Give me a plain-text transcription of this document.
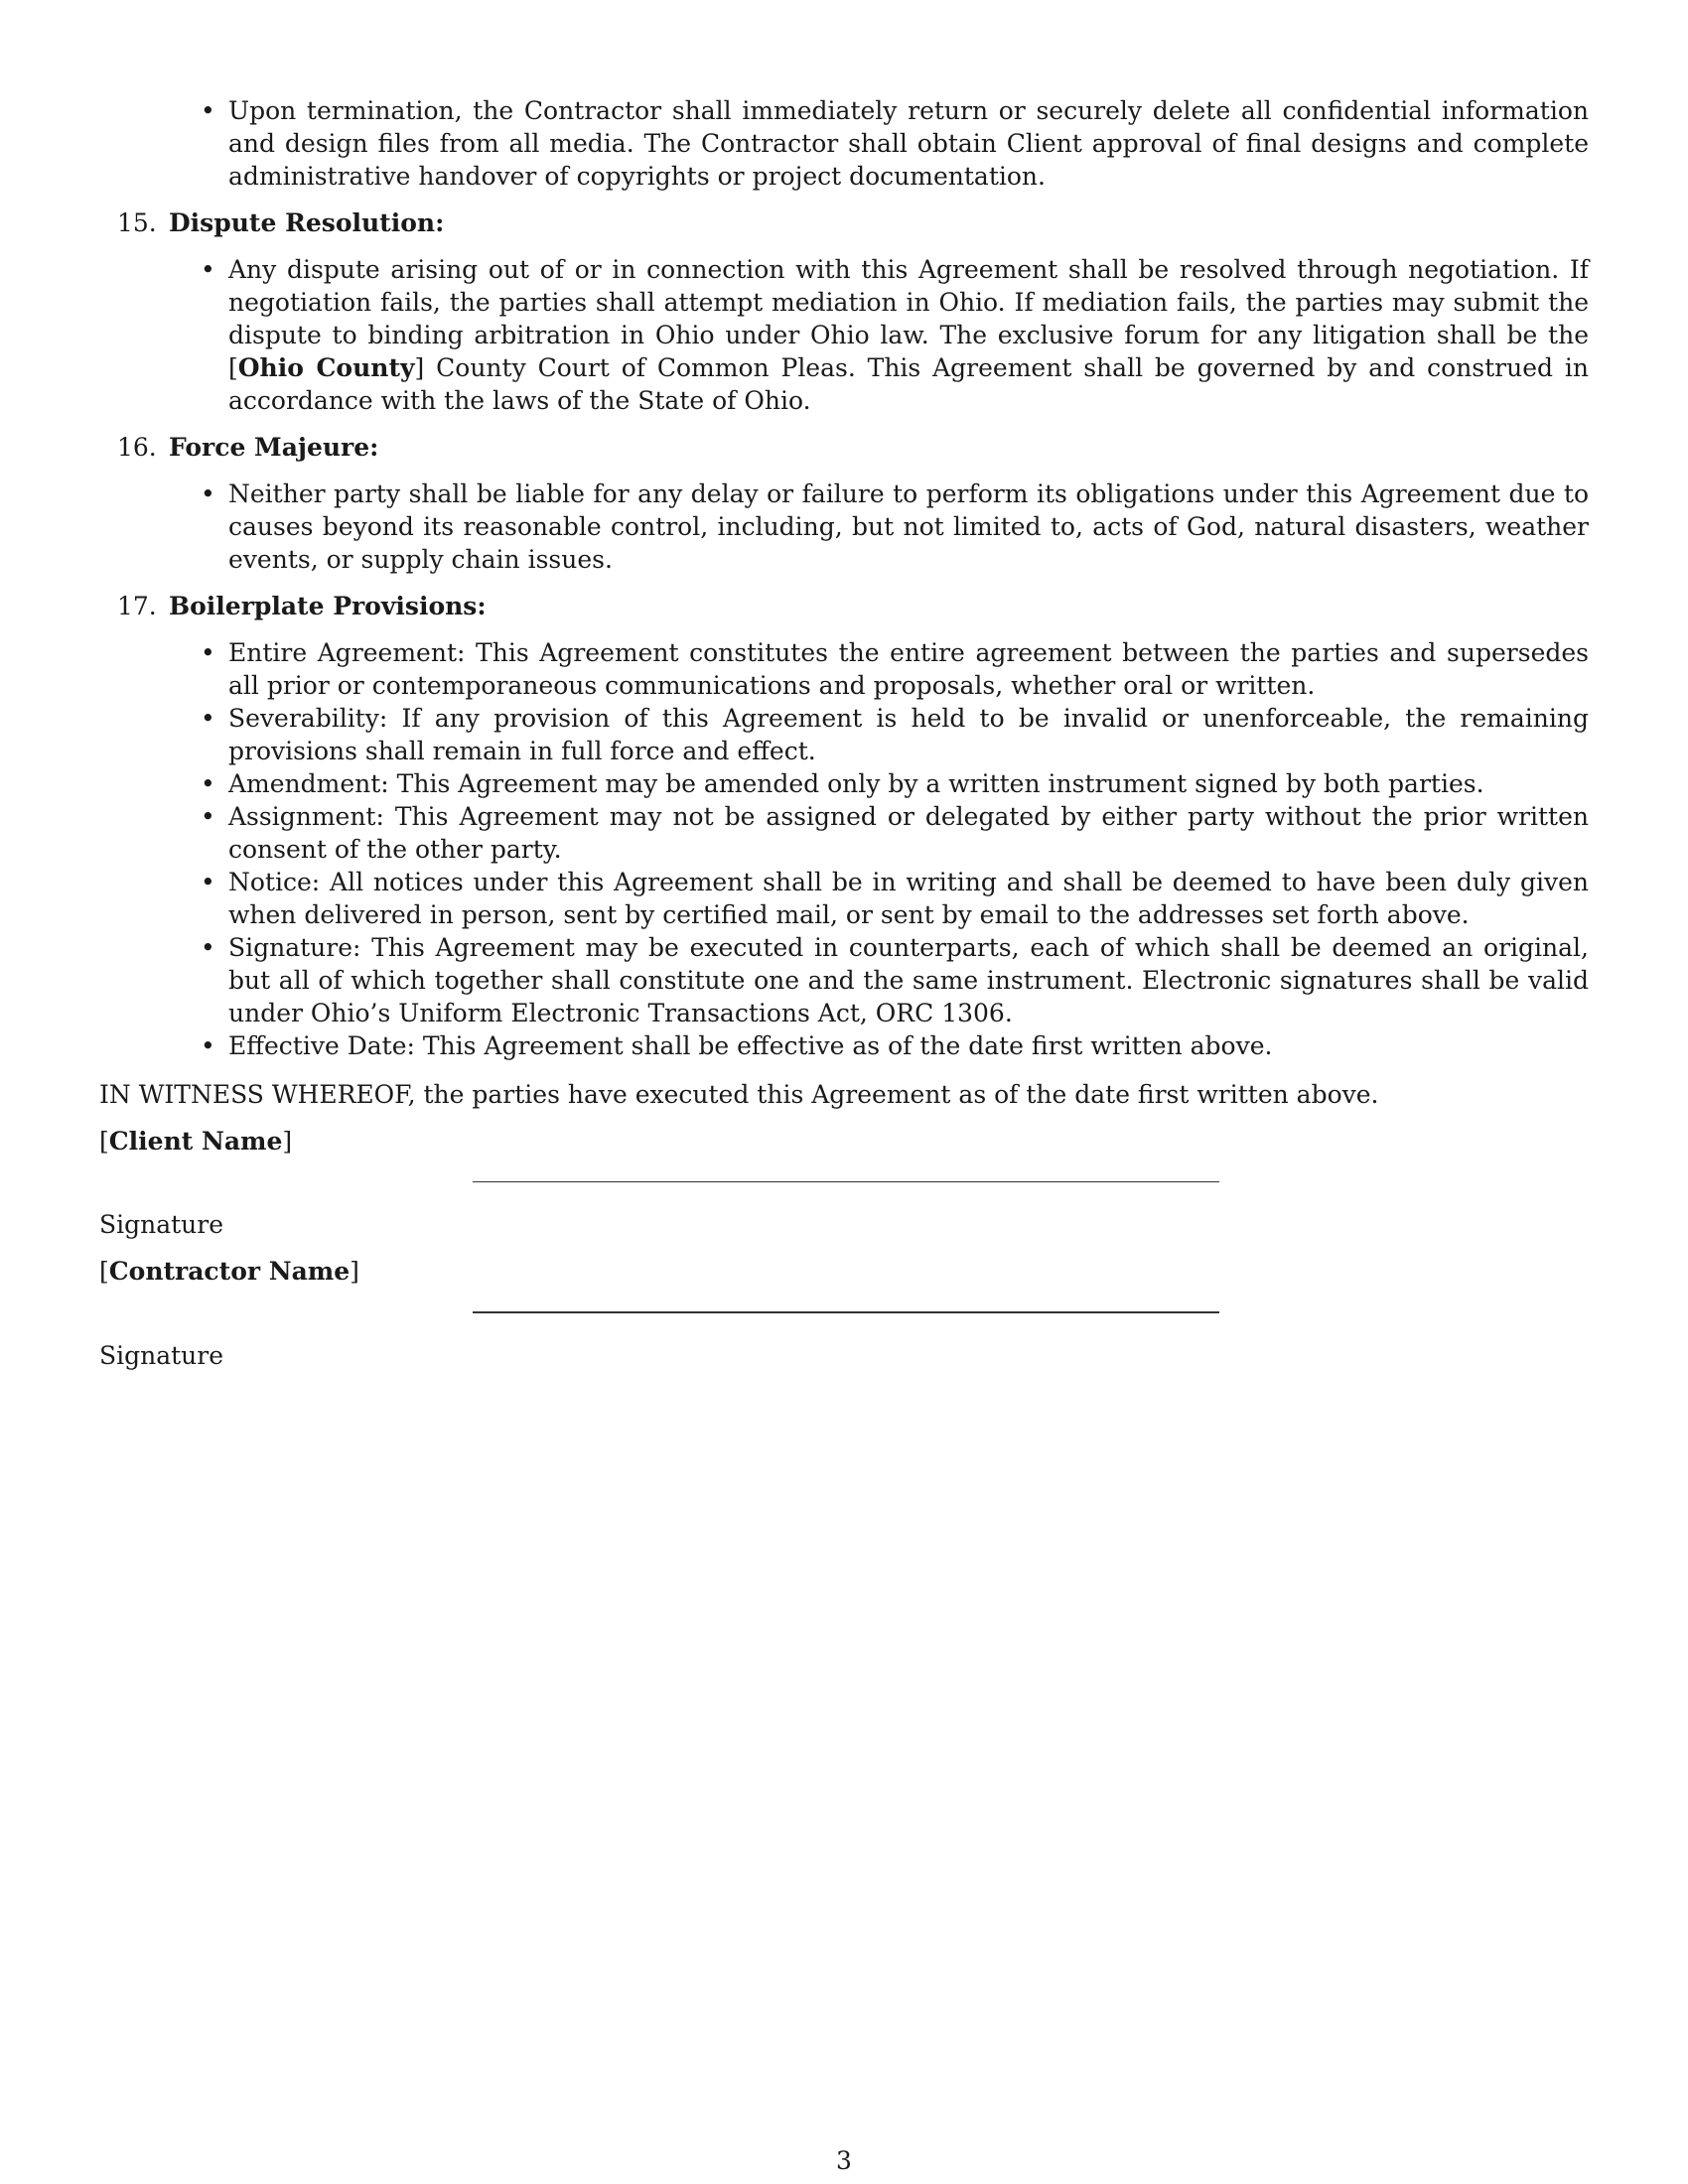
• Upon termination, the Contractor shall immediately return or securely delete all confidential information and design files from all media. The Contractor shall obtain Client approval of final designs and complete administrative handover of copyrights or project documentation.
15. Dispute Resolution:
• Any dispute arising out of or in connection with this Agreement shall be resolved through negotiation. If negotiation fails, the parties shall attempt mediation in Ohio. If mediation fails, the parties may submit the dispute to binding arbitration in Ohio under Ohio law. The exclusive forum for any litigation shall be the [Ohio County] County Court of Common Pleas. This Agreement shall be governed by and construed in accordance with the laws of the State of Ohio.
16. Force Majeure:
• Neither party shall be liable for any delay or failure to perform its obligations under this Agreement due to causes beyond its reasonable control, including, but not limited to, acts of God, natural disasters, weather events, or supply chain issues.
17. Boilerplate Provisions:
• Entire Agreement: This Agreement constitutes the entire agreement between the parties and supersedes all prior or contemporaneous communications and proposals, whether oral or written.
• Severability: If any provision of this Agreement is held to be invalid or unenforceable, the remaining provisions shall remain in full force and effect.
• Amendment: This Agreement may be amended only by a written instrument signed by both parties.
• Assignment: This Agreement may not be assigned or delegated by either party without the prior written consent of the other party.
• Notice: All notices under this Agreement shall be in writing and shall be deemed to have been duly given when delivered in person, sent by certified mail, or sent by email to the addresses set forth above.
• Signature: This Agreement may be executed in counterparts, each of which shall be deemed an original, but all of which together shall constitute one and the same instrument. Electronic signatures shall be valid under Ohio’s Uniform Electronic Transactions Act, ORC 1306.
• Effective Date: This Agreement shall be effective as of the date first written above.
IN WITNESS WHEREOF, the parties have executed this Agreement as of the date first written above.
[Client Name]
Signature
[Contractor Name]
Signature
3
